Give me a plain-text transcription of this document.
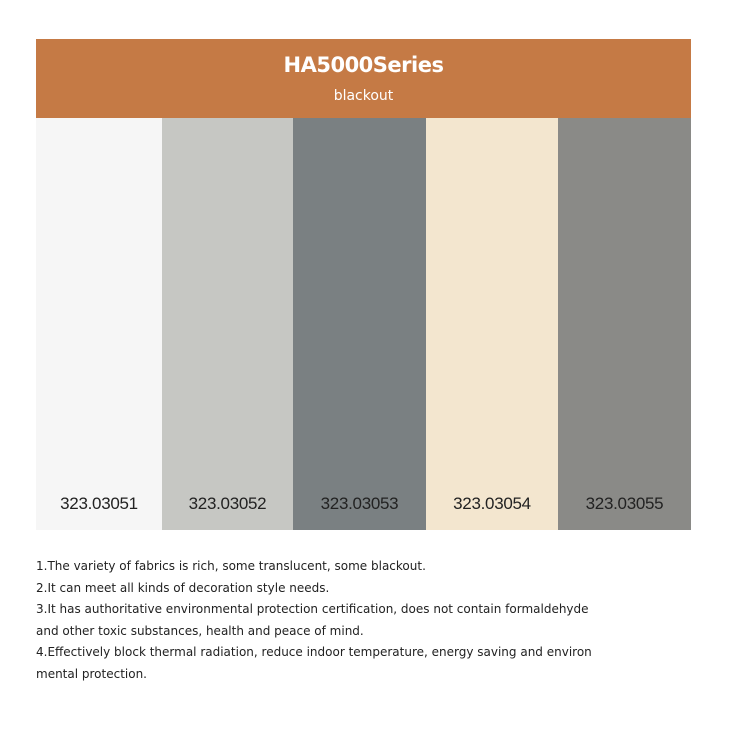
HA5000Series
blackout
323.03051	323.03052	323.03053	323.03054	323.03055

1.The variety of fabrics is rich, some translucent, some blackout.

2.It can meet all kinds of decoration style needs.

3.It has authoritative environmental protection certification, does not contain formaldehyde

and other toxic substances, health and peace of mind.

4.Effectively block thermal radiation, reduce indoor temperature, energy saving and environ

mental protection.
